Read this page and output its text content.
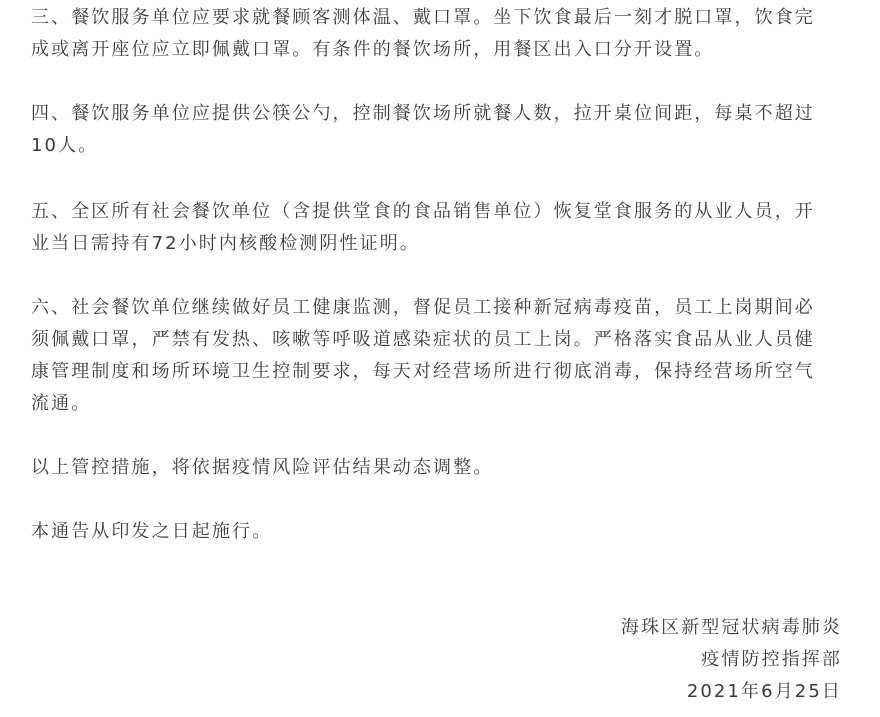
三、餐饮服务单位应要求就餐顾客测体温、戴口罩。坐下饮食最后一刻才脱口罩，饮食完
成或离开座位应立即佩戴口罩。有条件的餐饮场所，用餐区出入口分开设置。

四、餐饮服务单位应提供公筷公勺，控制餐饮场所就餐人数，拉开桌位间距，每桌不超过
10人。

五、全区所有社会餐饮单位（含提供堂食的食品销售单位）恢复堂食服务的从业人员，开
业当日需持有72小时内核酸检测阴性证明。

六、社会餐饮单位继续做好员工健康监测，督促员工接种新冠病毒疫苗，员工上岗期间必
须佩戴口罩，严禁有发热、咳嗽等呼吸道感染症状的员工上岗。严格落实食品从业人员健
康管理制度和场所环境卫生控制要求，每天对经营场所进行彻底消毒，保持经营场所空气
流通。

以上管控措施，将依据疫情风险评估结果动态调整。

本通告从印发之日起施行。

海珠区新型冠状病毒肺炎
疫情防控指挥部
2021年6月25日
